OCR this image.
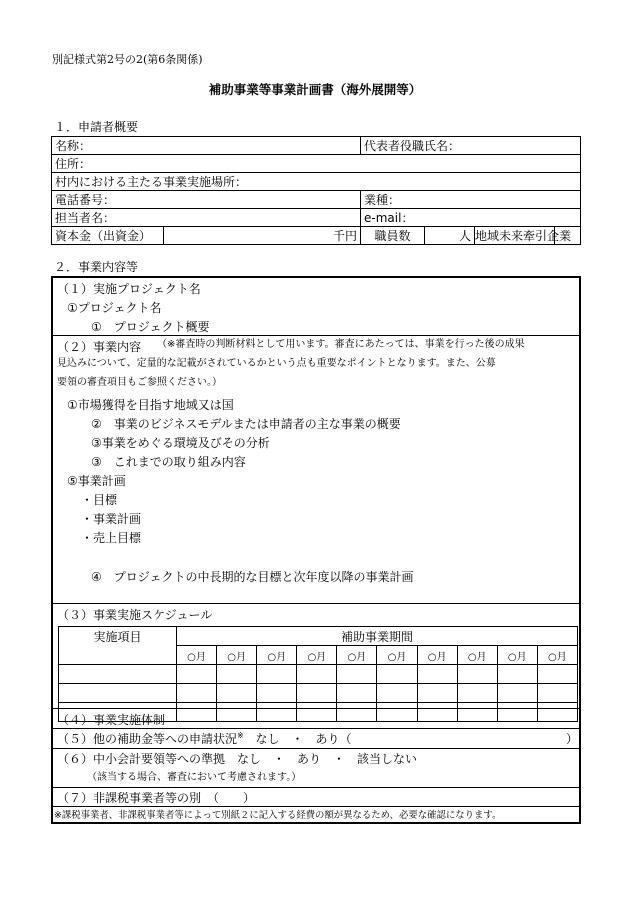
別記様式第2号の2(第6条関係)
補助事業等事業計画書（海外展開等）
１．申請者概要
名称：		代表者役職氏名：			
住所：					
村内における主たる事業実施場所：					
電話番号：		業種：			
担当者名：		e-mail：			
資本金（出資金）	千円	職員数	人	地域未来牽引企業	
２．事業内容等
（１）実施プロジェクト名
①プロジェクト名
①　プロジェクト概要
（２）事業内容 （※審査時の判断材料として用います。審査にあたっては、事業を行った後の成果
見込みについて、定量的な記載がされているかという点も重要なポイントとなります。また、公募
要領の審査項目もご参照ください。）
①市場獲得を目指す地域又は国
②　事業のビジネスモデルまたは申請者の主な事業の概要
③事業をめぐる環境及びその分析
③　これまでの取り組み内容
⑤事業計画
・目標
・事業計画
・売上目標
④　プロジェクトの中長期的な目標と次年度以降の事業計画
（３）事業実施スケジュール
実施項目	補助事業期間									
	○月	○月	○月	○月	○月	○月	○月	○月	○月	○月

（４）事業実施体制
（５）他の補助金等への申請状況※ なし　・　あり（	）
（６）中小会計要領等への準拠　なし　・　あり　・　該当しない
（該当する場合、審査において考慮されます。）
（７）非課税事業者等の別　（　　）
※課税事業者、非課税事業者等によって別紙２に記入する経費の額が異なるため、必要な確認になります。
